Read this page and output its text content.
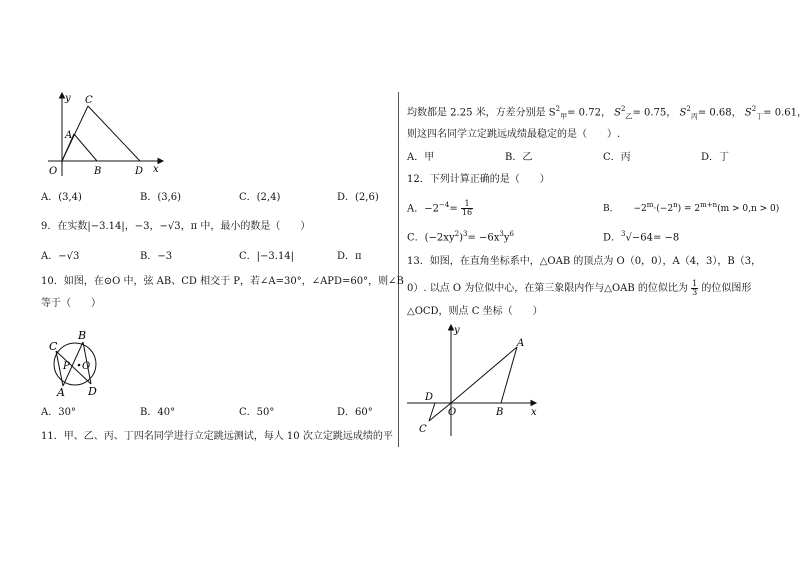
y
x
O
C
A
B	D
A．(3,4)	B．(3,6)	C．(2,4)	D．(2,6)
9．在实数|−3.14|，−3，−√3，π 中，最小的数是（　　）
A．−√3	B．−3	C．|−3.14|	D．π
10．如图，在⊙O 中，弦 AB、CD 相交于 P，若∠A=30°，∠APD=60°，则∠B
等于（　　）
B
C
P O
A D
A．30°	B．40°	C．50°	D．60°
11．甲、乙、丙、丁四名同学进行立定跳远测试，每人 10 次立定跳远成绩的平
均数都是 2.25 米，方差分别是 $S^2_甲= 0.72$， $S^2_乙= 0.75$， $S^2_丙= 0.68$， $S^2_丁= 0.61$，
则这四名同学立定跳远成绩最稳定的是（　　）.
A．甲	B．乙	C．丙	D．丁
12．下列计算正确的是（　　）
A．$-2^{-4}= \frac{1}{16}$	B． $-2^m\cdot(-2^n) = 2^{m+n}(m > 0,n > 0)$
C．$(-2xy^2)^3= -6x^3y^6$	D．$^3$√−64= −8
13．如图，在直角坐标系中，△OAB 的顶点为 O（0，0），A（4，3），B（3，
0）. 以点 O 为位似中心，在第三象限内作与△OAB 的位似比为 $\frac{1}{3}$ 的位似图形
△OCD，则点 C 坐标（　　）
y
x
A
O	B
D
C
